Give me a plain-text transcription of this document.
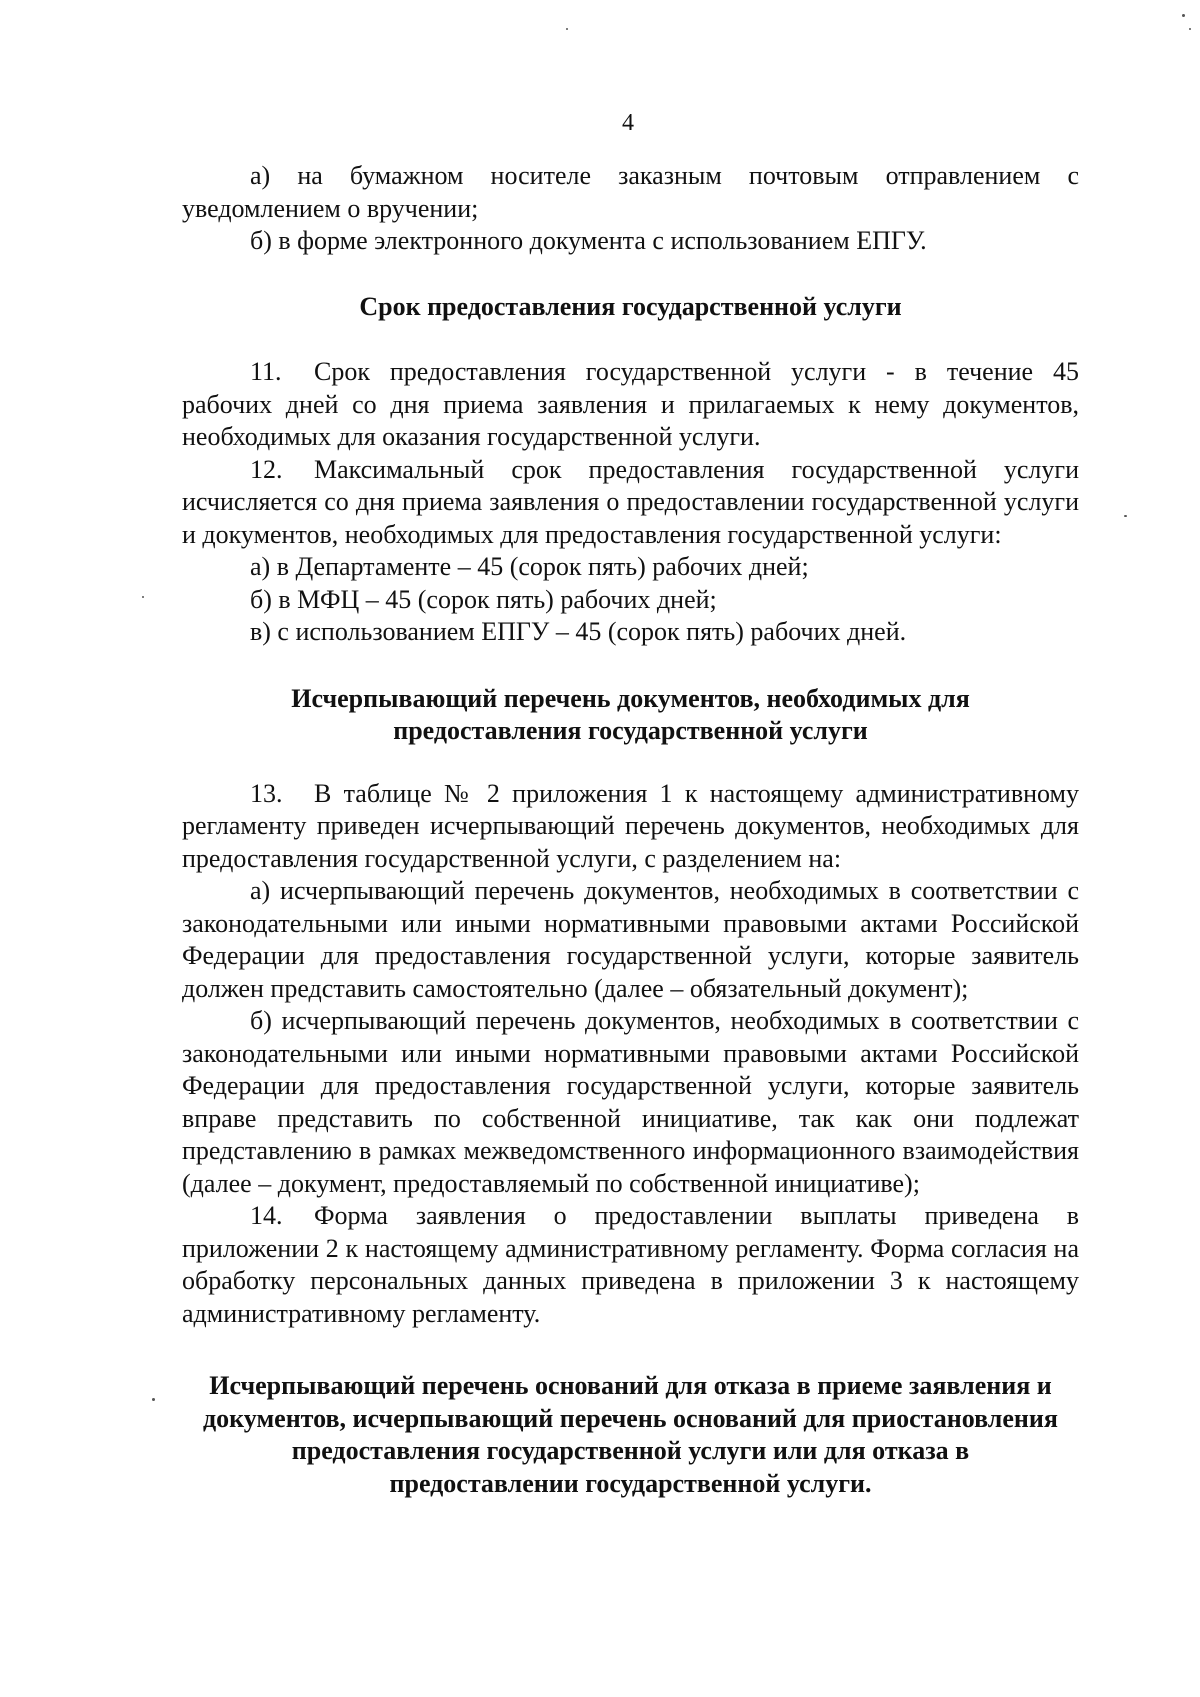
4

а) на бумажном носителе заказным почтовым отправлением с уведомлением о вручении;

б) в форме электронного документа с использованием ЕПГУ.

Срок предоставления государственной услуги

11. Срок предоставления государственной услуги - в течение 45 рабочих дней со дня приема заявления и прилагаемых к нему документов, необходимых для оказания государственной услуги.

12. Максимальный срок предоставления государственной услуги исчисляется со дня приема заявления о предоставлении государственной услуги и документов, необходимых для предоставления государственной услуги:

а) в Департаменте – 45 (сорок пять) рабочих дней;

б) в МФЦ – 45 (сорок пять) рабочих дней;

в) с использованием ЕПГУ – 45 (сорок пять) рабочих дней.

Исчерпывающий перечень документов, необходимых для
предоставления государственной услуги

13. В таблице № 2 приложения 1 к настоящему административному регламенту приведен исчерпывающий перечень документов, необходимых для предоставления государственной услуги, с разделением на:

а) исчерпывающий перечень документов, необходимых в соответствии с законодательными или иными нормативными правовыми актами Российской Федерации для предоставления государственной услуги, которые заявитель должен представить самостоятельно (далее – обязательный документ);

б) исчерпывающий перечень документов, необходимых в соответствии с законодательными или иными нормативными правовыми актами Российской Федерации для предоставления государственной услуги, которые заявитель вправе представить по собственной инициативе, так как они подлежат представлению в рамках межведомственного информационного взаимодействия (далее – документ, предоставляемый по собственной инициативе);

14. Форма заявления о предоставлении выплаты приведена в приложении 2 к настоящему административному регламенту. Форма согласия на обработку персональных данных приведена в приложении 3 к настоящему административному регламенту.

Исчерпывающий перечень оснований для отказа в приеме заявления и
документов, исчерпывающий перечень оснований для приостановления
предоставления государственной услуги или для отказа в
предоставлении государственной услуги.
